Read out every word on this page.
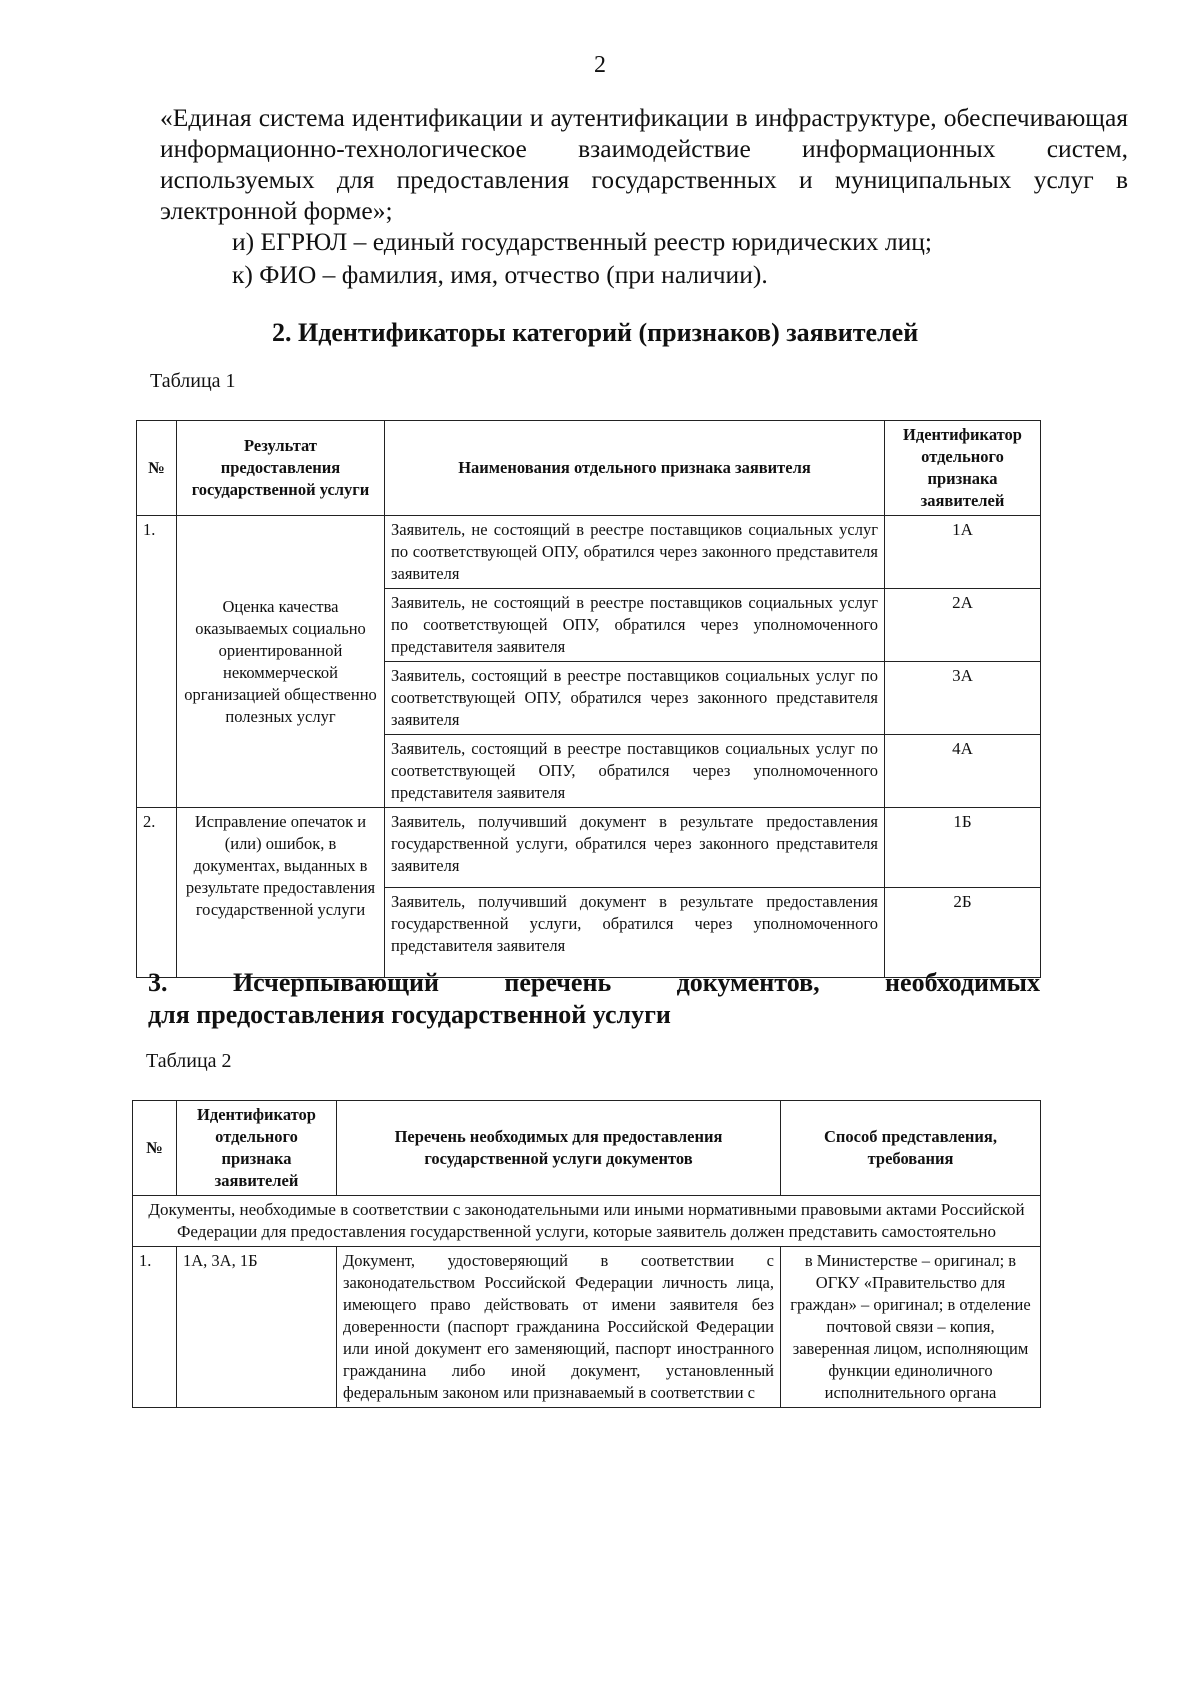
2
«Единая система идентификации и аутентификации в инфраструктуре, обеспечивающая информационно-технологическое взаимодействие информационных систем, используемых для предоставления государственных и муниципальных услуг в электронной форме»;
и) ЕГРЮЛ – единый государственный реестр юридических лиц;
к) ФИО – фамилия, имя, отчество (при наличии).
2. Идентификаторы категорий (признаков) заявителей
Таблица 1
№	Результат предоставления государственной услуги	Наименования отдельного признака заявителя	Идентификатор отдельного признака заявителей
1.	Оценка качества оказываемых социально ориентированной некоммерческой организацией общественно полезных услуг	Заявитель, не состоящий в реестре поставщиков социальных услуг по соответствующей ОПУ, обратился через законного представителя заявителя	1А
		Заявитель, не состоящий в реестре поставщиков социальных услуг по соответствующей ОПУ, обратился через уполномоченного представителя заявителя	2А
		Заявитель, состоящий в реестре поставщиков социальных услуг по соответствующей ОПУ, обратился через законного представителя заявителя	3А
		Заявитель, состоящий в реестре поставщиков социальных услуг по соответствующей ОПУ, обратился через уполномоченного представителя заявителя	4А
2.	Исправление опечаток и (или) ошибок, в документах, выданных в результате предоставления государственной услуги	Заявитель, получивший документ в результате предоставления государственной услуги, обратился через законного представителя заявителя	1Б
		Заявитель, получивший документ в результате предоставления государственной услуги, обратился через уполномоченного представителя заявителя	2Б
3. Исчерпывающий перечень документов, необходимых
для предоставления государственной услуги
Таблица 2
№	Идентификатор отдельного признака заявителей	Перечень необходимых для предоставления государственной услуги документов	Способ представления, требования
Документы, необходимые в соответствии с законодательными или иными нормативными правовыми актами Российской Федерации для предоставления государственной услуги, которые заявитель должен представить самостоятельно			
1.	1А, 3А, 1Б	Документ, удостоверяющий в соответствии с законодательством Российской Федерации личность лица, имеющего право действовать от имени заявителя без доверенности (паспорт гражданина Российской Федерации или иной документ его заменяющий, паспорт иностранного гражданина либо иной документ, установленный федеральным законом или признаваемый в соответствии с	в Министерстве – оригинал; в ОГКУ «Правительство для граждан» – оригинал; в отделение почтовой связи – копия, заверенная лицом, исполняющим функции единоличного исполнительного органа
